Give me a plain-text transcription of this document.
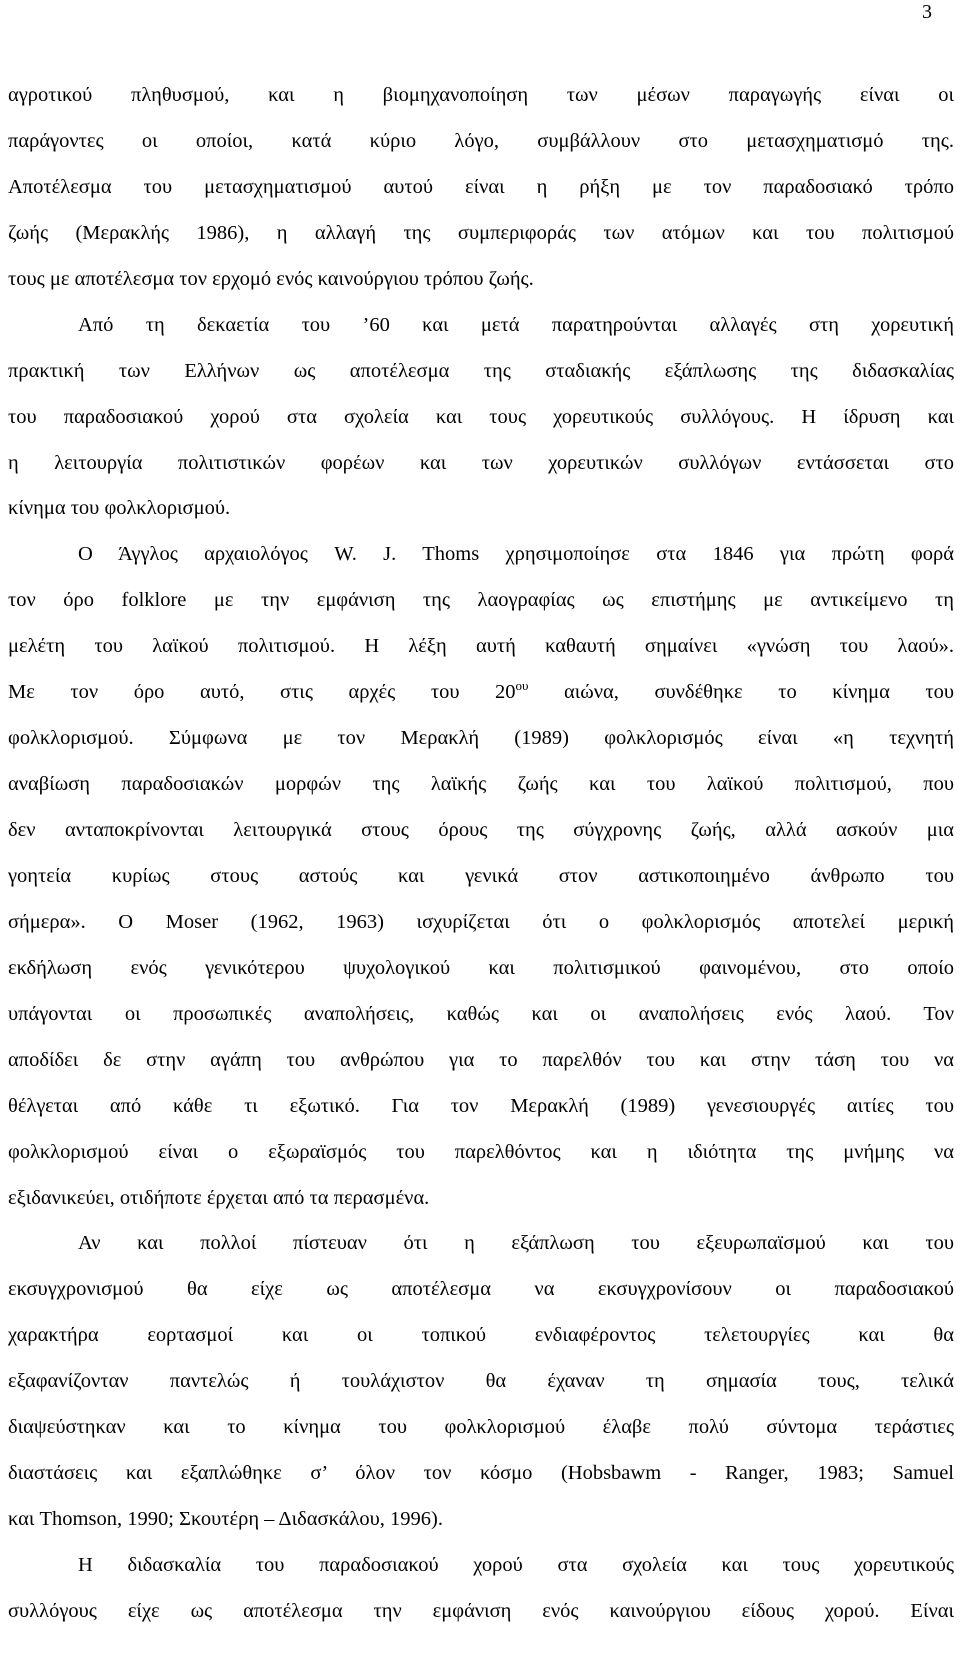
3
αγροτικού πληθυσμού, και η βιομηχανοποίηση των μέσων παραγωγής είναι οι
παράγοντες οι οποίοι, κατά κύριο λόγο, συμβάλλουν στο μετασχηματισμό της.
Αποτέλεσμα του μετασχηματισμού αυτού είναι η ρήξη με τον παραδοσιακό τρόπο
ζωής (Μερακλής 1986), η αλλαγή της συμπεριφοράς των ατόμων και του πολιτισμού
τους με αποτέλεσμα τον ερχομό ενός καινούργιου τρόπου ζωής.
Από τη δεκαετία του ’60 και μετά παρατηρούνται αλλαγές στη χορευτική
πρακτική των Ελλήνων ως αποτέλεσμα της σταδιακής εξάπλωσης της διδασκαλίας
του παραδοσιακού χορού στα σχολεία και τους χορευτικούς συλλόγους. Η ίδρυση και
η λειτουργία πολιτιστικών φορέων και των χορευτικών συλλόγων εντάσσεται στο
κίνημα του φολκλορισμού.
Ο Άγγλος αρχαιολόγος W. J. Thoms χρησιμοποίησε στα 1846 για πρώτη φορά
τον όρο folklore με την εμφάνιση της λαογραφίας ως επιστήμης με αντικείμενο τη
μελέτη του λαϊκού πολιτισμού. Η λέξη αυτή καθαυτή σημαίνει «γνώση του λαού».
Με τον όρο αυτό, στις αρχές του $20^{o\upsilon}$ αιώνα, συνδέθηκε το κίνημα του
φολκλορισμού. Σύμφωνα με τον Μερακλή (1989) φολκλορισμός είναι «η τεχνητή
αναβίωση παραδοσιακών μορφών της λαϊκής ζωής και του λαϊκού πολιτισμού, που
δεν ανταποκρίνονται λειτουργικά στους όρους της σύγχρονης ζωής, αλλά ασκούν μια
γοητεία κυρίως στους αστούς και γενικά στον αστικοποιημένο άνθρωπο του
σήμερα». Ο Moser (1962, 1963) ισχυρίζεται ότι ο φολκλορισμός αποτελεί μερική
εκδήλωση ενός γενικότερου ψυχολογικού και πολιτισμικού φαινομένου, στο οποίο
υπάγονται οι προσωπικές αναπολήσεις, καθώς και οι αναπολήσεις ενός λαού. Τον
αποδίδει δε στην αγάπη του ανθρώπου για το παρελθόν του και στην τάση του να
θέλγεται από κάθε τι εξωτικό. Για τον Μερακλή (1989) γενεσιουργές αιτίες του
φολκλορισμού είναι ο εξωραϊσμός του παρελθόντος και η ιδιότητα της μνήμης να
εξιδανικεύει, οτιδήποτε έρχεται από τα περασμένα.
Αν και πολλοί πίστευαν ότι η εξάπλωση του εξευρωπαϊσμού και του
εκσυγχρονισμού θα είχε ως αποτέλεσμα να εκσυγχρονίσουν οι παραδοσιακού
χαρακτήρα εορτασμοί και οι τοπικού ενδιαφέροντος τελετουργίες και θα
εξαφανίζονταν παντελώς ή τουλάχιστον θα έχαναν τη σημασία τους, τελικά
διαψεύστηκαν και το κίνημα του φολκλορισμού έλαβε πολύ σύντομα τεράστιες
διαστάσεις και εξαπλώθηκε σ’ όλον τον κόσμο (Hobsbawm - Ranger, 1983; Samuel
και Thomson, 1990; Σκουτέρη – Διδασκάλου, 1996).
Η διδασκαλία του παραδοσιακού χορού στα σχολεία και τους χορευτικούς
συλλόγους είχε ως αποτέλεσμα την εμφάνιση ενός καινούργιου είδους χορού. Είναι
